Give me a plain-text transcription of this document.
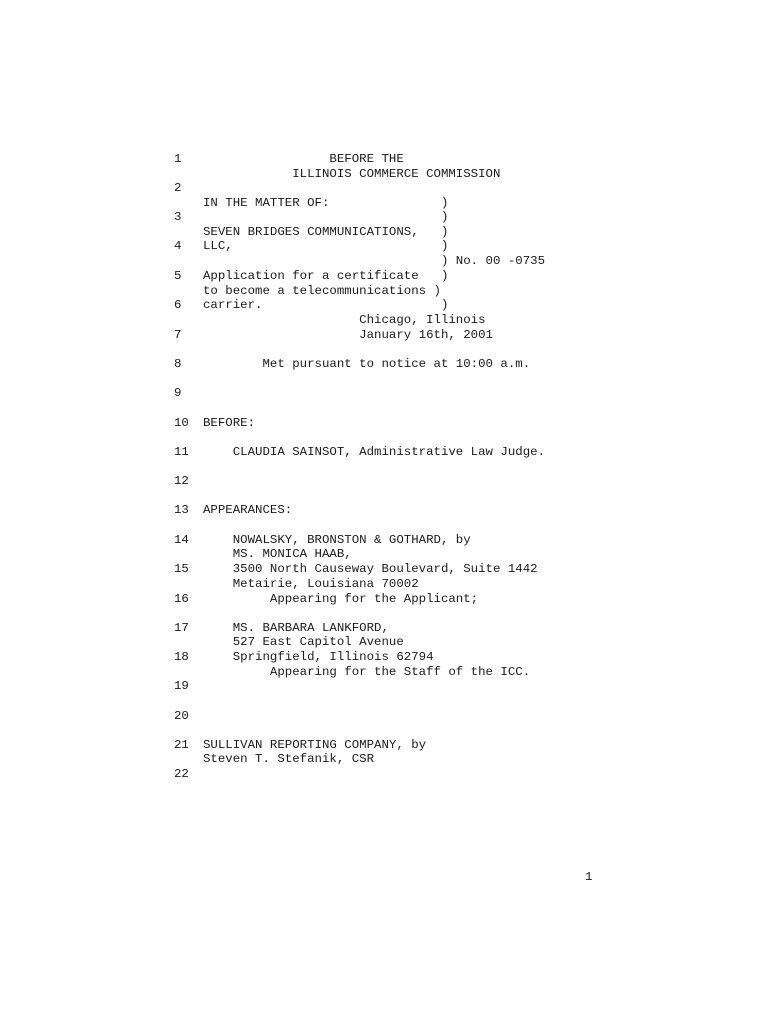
1                 BEFORE THE
ILLINOIS COMMERCE COMMISSION
2
IN THE MATTER OF:               )
3                                )
SEVEN BRIDGES COMMUNICATIONS,   )
4 LLC,                            )
) No. 00 -0735
5 Application for a certificate   )
to become a telecommunications )
6 carrier.                        )
Chicago, Illinois
7                     January 16th, 2001
8        Met pursuant to notice at 10:00 a.m.
9
10 BEFORE:
11    CLAUDIA SAINSOT, Administrative Law Judge.
12
13 APPEARANCES:
14    NOWALSKY, BRONSTON & GOTHARD, by
MS. MONICA HAAB,
15    3500 North Causeway Boulevard, Suite 1442
Metairie, Louisiana 70002
16         Appearing for the Applicant;
17    MS. BARBARA LANKFORD,
527 East Capitol Avenue
18    Springfield, Illinois 62794
Appearing for the Staff of the ICC.
19
20
21 SULLIVAN REPORTING COMPANY, by
Steven T. Stefanik, CSR
22
1
